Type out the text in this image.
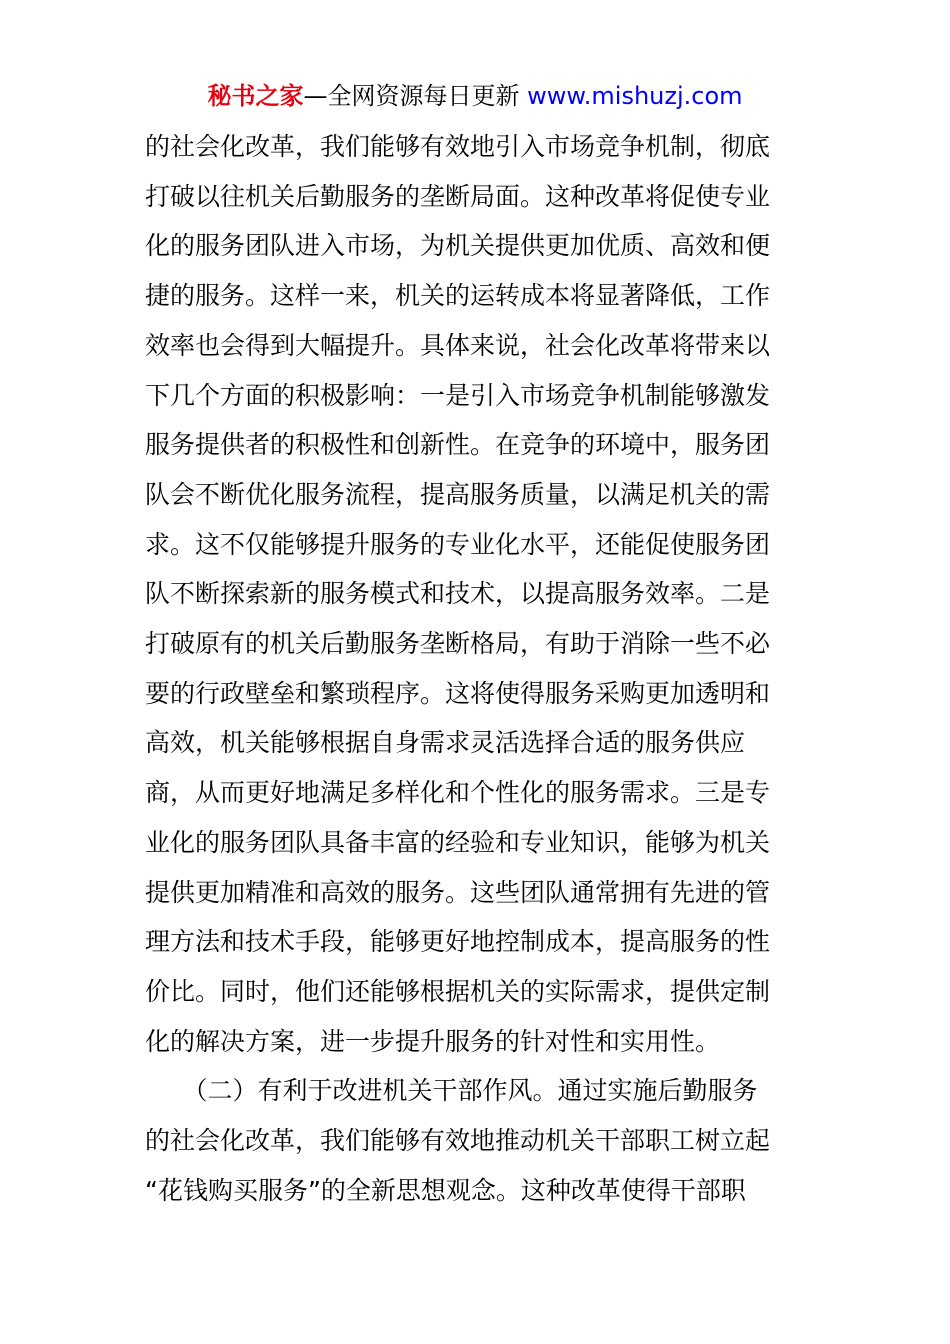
秘书之家—全网资源每日更新 www.mishuzj.com
的社会化改革，我们能够有效地引入市场竞争机制，彻底
打破以往机关后勤服务的垄断局面。这种改革将促使专业
化的服务团队进入市场，为机关提供更加优质、高效和便
捷的服务。这样一来，机关的运转成本将显著降低，工作
效率也会得到大幅提升。具体来说，社会化改革将带来以
下几个方面的积极影响：一是引入市场竞争机制能够激发
服务提供者的积极性和创新性。在竞争的环境中，服务团
队会不断优化服务流程，提高服务质量，以满足机关的需
求。这不仅能够提升服务的专业化水平，还能促使服务团
队不断探索新的服务模式和技术，以提高服务效率。二是
打破原有的机关后勤服务垄断格局，有助于消除一些不必
要的行政壁垒和繁琐程序。这将使得服务采购更加透明和
高效，机关能够根据自身需求灵活选择合适的服务供应
商，从而更好地满足多样化和个性化的服务需求。三是专
业化的服务团队具备丰富的经验和专业知识，能够为机关
提供更加精准和高效的服务。这些团队通常拥有先进的管
理方法和技术手段，能够更好地控制成本，提高服务的性
价比。同时，他们还能够根据机关的实际需求，提供定制
化的解决方案，进一步提升服务的针对性和实用性。
　　（二）有利于改进机关干部作风。通过实施后勤服务
的社会化改革，我们能够有效地推动机关干部职工树立起
“花钱购买服务”的全新思想观念。这种改革使得干部职
